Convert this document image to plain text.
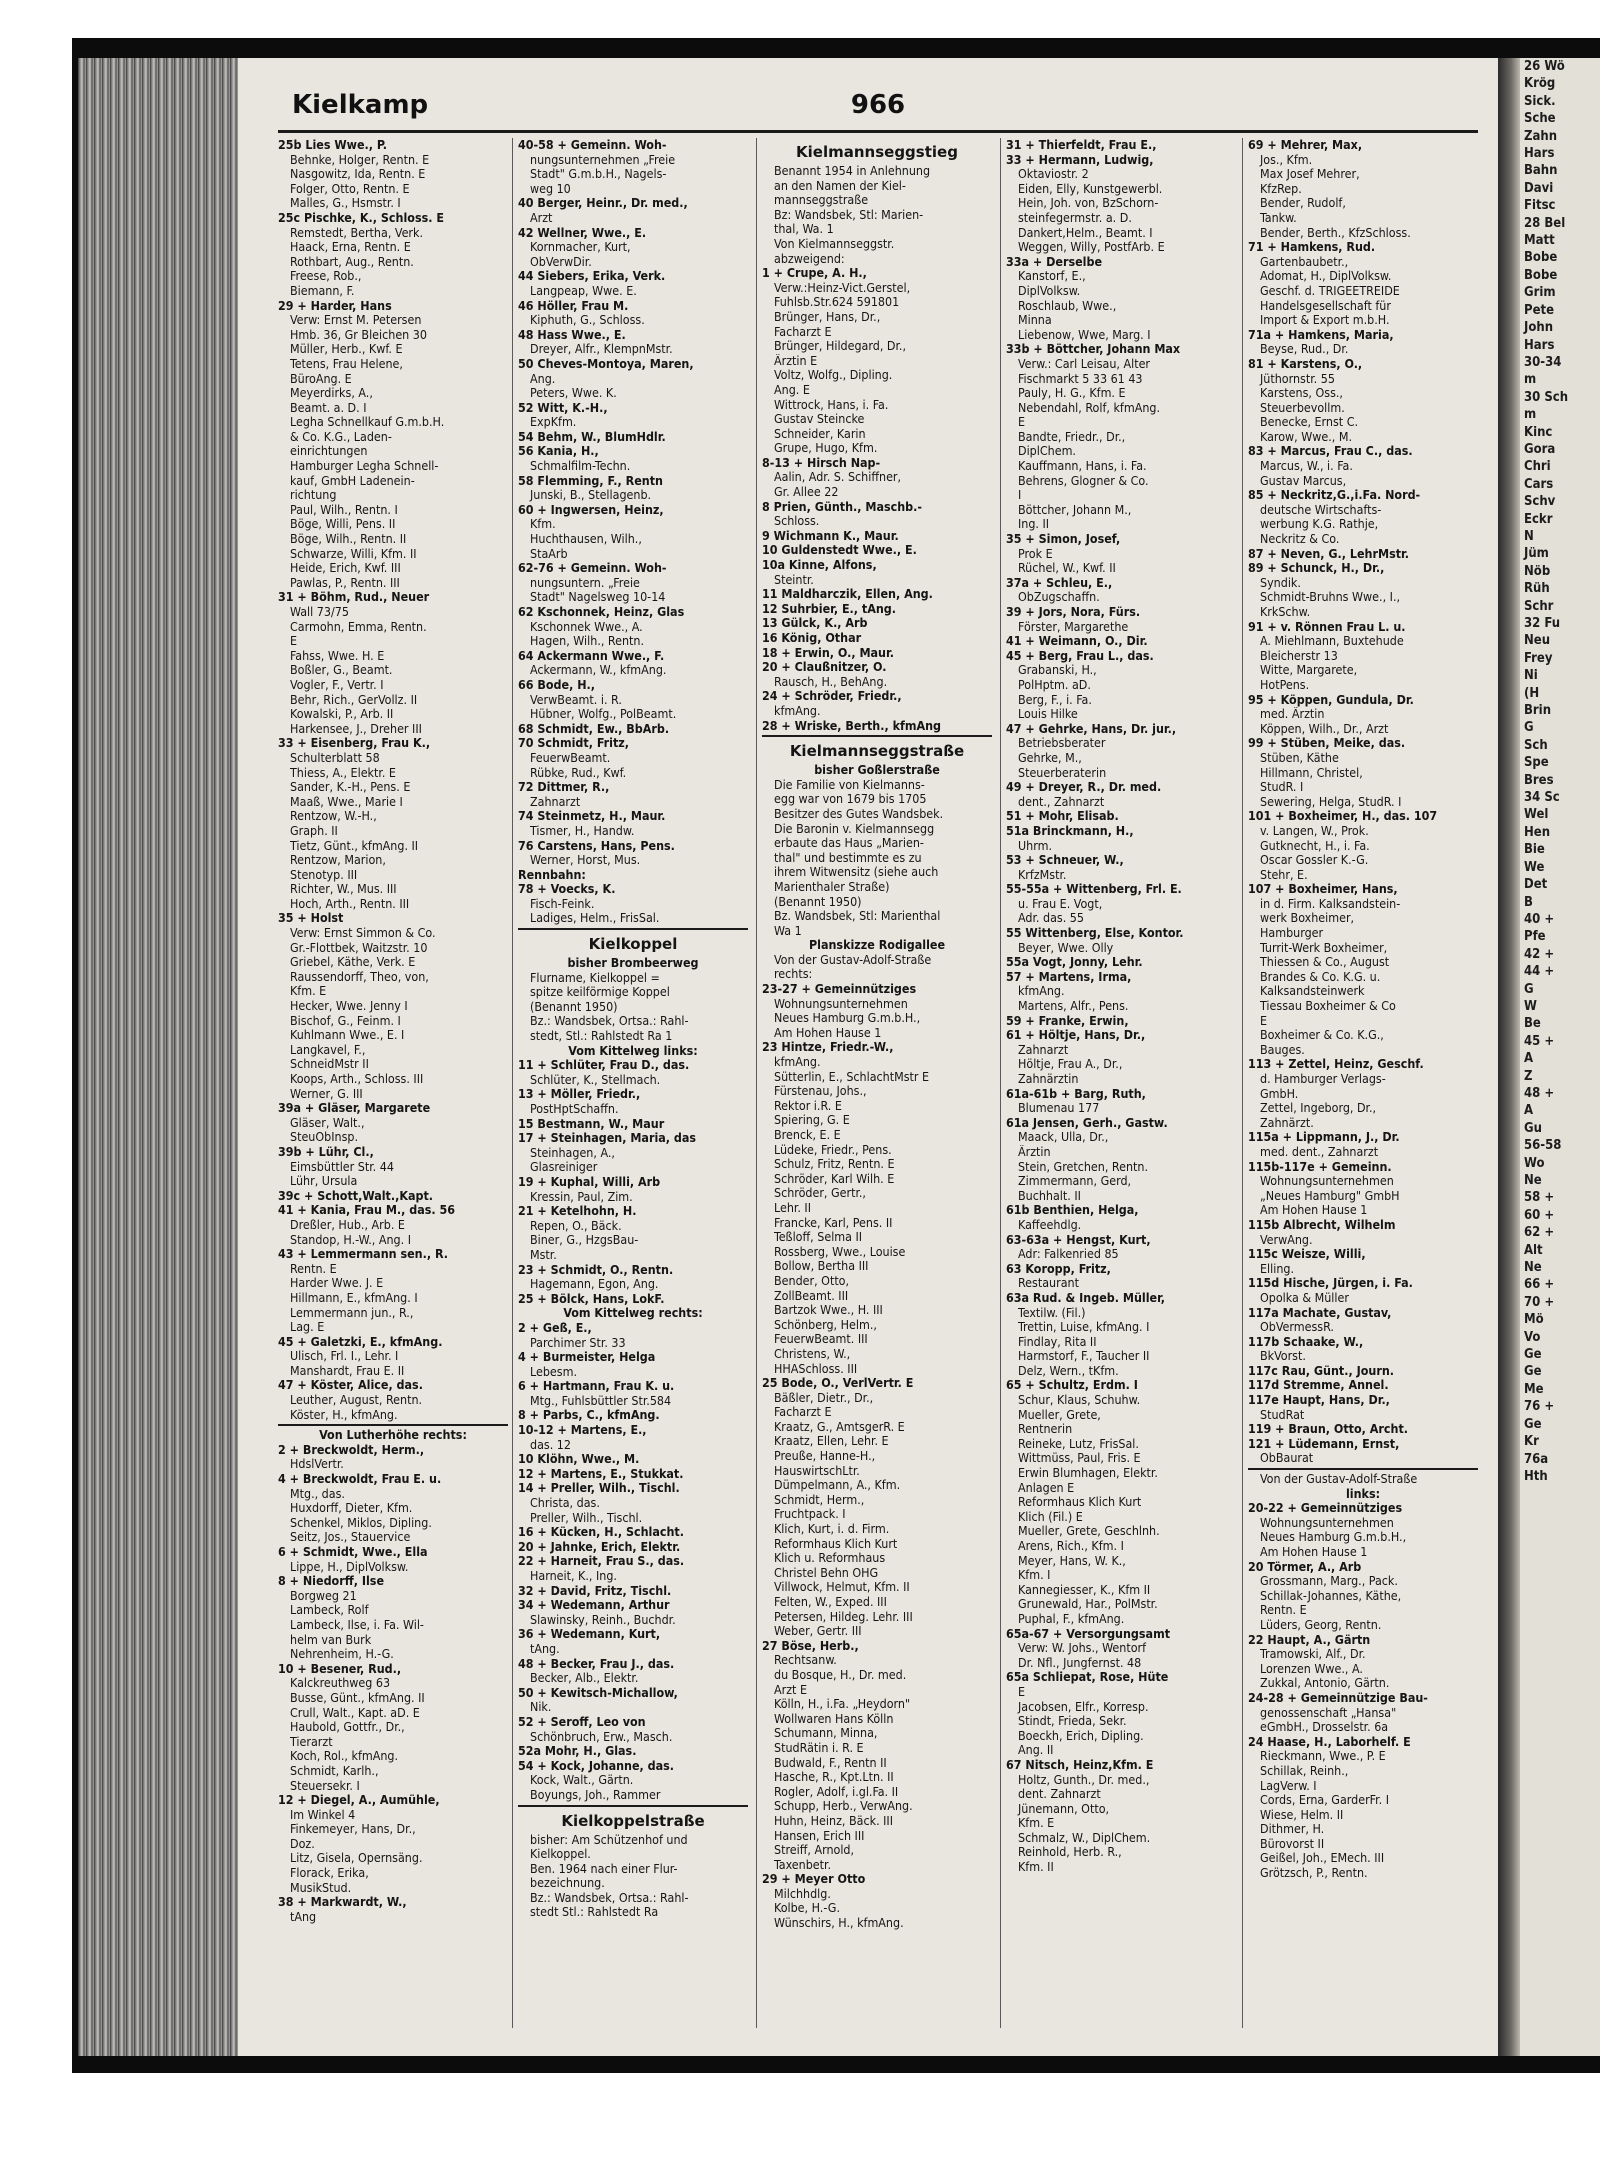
Kielkamp	966
25b Lies Wwe., P.
Behnke, Holger, Rentn. E
Nasgowitz, Ida, Rentn. E
Folger, Otto, Rentn. E
Malles, G., Hsmstr. I
25c Pischke, K., Schloss. E
Remstedt, Bertha, Verk.
Haack, Erna, Rentn. E
Rothbart, Aug., Rentn.
Freese, Rob.,
Biemann, F.
29 + Harder, Hans
Verw: Ernst M. Petersen
Hmb. 36, Gr Bleichen 30
Müller, Herb., Kwf. E
Tetens, Frau Helene,
BüroAng. E
Meyerdirks, A.,
Beamt. a. D. I
Legha Schnellkauf G.m.b.H.
& Co. K.G., Laden-
einrichtungen
Hamburger Legha Schnell-
kauf, GmbH Ladenein-
richtung
Paul, Wilh., Rentn. I
Böge, Willi, Pens. II
Böge, Wilh., Rentn. II
Schwarze, Willi, Kfm. II
Heide, Erich, Kwf. III
Pawlas, P., Rentn. III
31 + Böhm, Rud., Neuer
Wall 73/75
Carmohn, Emma, Rentn.
E
Fahss, Wwe. H. E
Boßler, G., Beamt.
Vogler, F., Vertr. I
Behr, Rich., GerVollz. II
Kowalski, P., Arb. II
Harkensee, J., Dreher III
33 + Eisenberg, Frau K.,
Schulterblatt 58
Thiess, A., Elektr. E
Sander, K.-H., Pens. E
Maaß, Wwe., Marie I
Rentzow, W.-H.,
Graph. II
Tietz, Günt., kfmAng. II
Rentzow, Marion,
Stenotyp. III
Richter, W., Mus. III
Hoch, Arth., Rentn. III
35 + Holst
Verw: Ernst Simmon & Co.
Gr.-Flottbek, Waitzstr. 10
Griebel, Käthe, Verk. E
Raussendorff, Theo, von,
Kfm. E
Hecker, Wwe. Jenny I
Bischof, G., Feinm. I
Kuhlmann Wwe., E. I
Langkavel, F.,
SchneidMstr II
Koops, Arth., Schloss. III
Werner, G. III
39a + Gläser, Margarete
Gläser, Walt.,
SteuObInsp.
39b + Lühr, Cl.,
Eimsbüttler Str. 44
Lühr, Ursula
39c + Schott,Walt.,Kapt.
41 + Kania, Frau M., das. 56
Dreßler, Hub., Arb. E
Standop, H.-W., Ang. I
43 + Lemmermann sen., R.
Rentn. E
Harder Wwe. J. E
Hillmann, E., kfmAng. I
Lemmermann jun., R.,
Lag. E
45 + Galetzki, E., kfmAng.
Ulisch, Frl. I., Lehr. I
Manshardt, Frau E. II
47 + Köster, Alice, das.
Leuther, August, Rentn.
Köster, H., kfmAng.
Von Lutherhöhe rechts:
2 + Breckwoldt, Herm.,
HdslVertr.
4 + Breckwoldt, Frau E. u.
Mtg., das.
Huxdorff, Dieter, Kfm.
Schenkel, Miklos, Dipling.
Seitz, Jos., Stauervice
6 + Schmidt, Wwe., Ella
Lippe, H., DiplVolksw.
8 + Niedorff, Ilse
Borgweg 21
Lambeck, Rolf
Lambeck, Ilse, i. Fa. Wil-
helm van Burk
Nehrenheim, H.-G.
10 + Besener, Rud.,
Kalckreuthweg 63
Busse, Günt., kfmAng. II
Crull, Walt., Kapt. aD. E
Haubold, Gottfr., Dr.,
Tierarzt
Koch, Rol., kfmAng.
Schmidt, Karlh.,
Steuersekr. I
12 + Diegel, A., Aumühle,
Im Winkel 4
Finkemeyer, Hans, Dr.,
Doz.
Litz, Gisela, Opernsäng.
Florack, Erika,
MusikStud.
38 + Markwardt, W.,
tAng
40-58 + Gemeinn. Woh-
nungsunternehmen „Freie
Stadt" G.m.b.H., Nagels-
weg 10
40 Berger, Heinr., Dr. med.,
Arzt
42 Wellner, Wwe., E.
Kornmacher, Kurt,
ObVerwDir.
44 Siebers, Erika, Verk.
Langpeap, Wwe. E.
46 Höller, Frau M.
Kiphuth, G., Schloss.
48 Hass Wwe., E.
Dreyer, Alfr., KlempnMstr.
50 Cheves-Montoya, Maren,
Ang.
Peters, Wwe. K.
52 Witt, K.-H.,
ExpKfm.
54 Behm, W., BlumHdlr.
56 Kania, H.,
Schmalfilm-Techn.
58 Flemming, F., Rentn
Junski, B., Stellagenb.
60 + Ingwersen, Heinz,
Kfm.
Huchthausen, Wilh.,
StaArb
62-76 + Gemeinn. Woh-
nungsuntern. „Freie
Stadt" Nagelsweg 10-14
62 Kschonnek, Heinz, Glas
Kschonnek Wwe., A.
Hagen, Wilh., Rentn.
64 Ackermann Wwe., F.
Ackermann, W., kfmAng.
66 Bode, H.,
VerwBeamt. i. R.
Hübner, Wolfg., PolBeamt.
68 Schmidt, Ew., BbArb.
70 Schmidt, Fritz,
FeuerwBeamt.
Rübke, Rud., Kwf.
72 Dittmer, R.,
Zahnarzt
74 Steinmetz, H., Maur.
Tismer, H., Handw.
76 Carstens, Hans, Pens.
Werner, Horst, Mus.
Rennbahn:
78 + Voecks, K.
Fisch-Feink.
Ladiges, Helm., FrisSal.
Kielkoppel
bisher Brombeerweg
Flurname, Kielkoppel =
spitze keilförmige Koppel
(Benannt 1950)
Bz.: Wandsbek, Ortsa.: Rahl-
stedt, Stl.: Rahlstedt Ra 1
Vom Kittelweg links:
11 + Schlüter, Frau D., das.
Schlüter, K., Stellmach.
13 + Möller, Friedr.,
PostHptSchaffn.
15 Bestmann, W., Maur
17 + Steinhagen, Maria, das
Steinhagen, A.,
Glasreiniger
19 + Kuphal, Willi, Arb
Kressin, Paul, Zim.
21 + Ketelhohn, H.
Repen, O., Bäck.
Biner, G., HzgsBau-
Mstr.
23 + Schmidt, O., Rentn.
Hagemann, Egon, Ang.
25 + Bölck, Hans, LokF.
Vom Kittelweg rechts:
2 + Geß, E.,
Parchimer Str. 33
4 + Burmeister, Helga
Lebesm.
6 + Hartmann, Frau K. u.
Mtg., Fuhlsbüttler Str.584
8 + Parbs, C., kfmAng.
10-12 + Martens, E.,
das. 12
10 Klöhn, Wwe., M.
12 + Martens, E., Stukkat.
14 + Preller, Wilh., Tischl.
Christa, das.
Preller, Wilh., Tischl.
16 + Kücken, H., Schlacht.
20 + Jahnke, Erich, Elektr.
22 + Harneit, Frau S., das.
Harneit, K., Ing.
32 + David, Fritz, Tischl.
34 + Wedemann, Arthur
Slawinsky, Reinh., Buchdr.
36 + Wedemann, Kurt,
tAng.
48 + Becker, Frau J., das.
Becker, Alb., Elektr.
50 + Kewitsch-Michallow,
Nik.
52 + Seroff, Leo von
Schönbruch, Erw., Masch.
52a Mohr, H., Glas.
54 + Kock, Johanne, das.
Kock, Walt., Gärtn.
Boyungs, Joh., Rammer
Kielkoppelstraße
bisher: Am Schützenhof und
Kielkoppel.
Ben. 1964 nach einer Flur-
bezeichnung.
Bz.: Wandsbek, Ortsa.: Rahl-
stedt Stl.: Rahlstedt Ra
Kielmannseggstieg
Benannt 1954 in Anlehnung
an den Namen der Kiel-
mannseggstraße
Bz: Wandsbek, Stl: Marien-
thal, Wa. 1
Von Kielmannseggstr.
abzweigend:
1 + Crupe, A. H.,
Verw.:Heinz-Vict.Gerstel,
Fuhlsb.Str.624 591801
Brünger, Hans, Dr.,
Facharzt E
Brünger, Hildegard, Dr.,
Ärztin E
Voltz, Wolfg., Dipling.
Ang. E
Wittrock, Hans, i. Fa.
Gustav Steincke
Schneider, Karin
Grupe, Hugo, Kfm.
8-13 + Hirsch Nap-
Aalin, Adr. S. Schiffner,
Gr. Allee 22
8 Prien, Günth., Maschb.-
Schloss.
9 Wichmann K., Maur.
10 Guldenstedt Wwe., E.
10a Kinne, Alfons,
Steintr.
11 Maldharczik, Ellen, Ang.
12 Suhrbier, E., tAng.
13 Gülck, K., Arb
16 König, Othar
18 + Erwin, O., Maur.
20 + Claußnitzer, O.
Rausch, H., BehAng.
24 + Schröder, Friedr.,
kfmAng.
28 + Wriske, Berth., kfmAng
Kielmannseggstraße
bisher Goßlerstraße
Die Familie von Kielmanns-
egg war von 1679 bis 1705
Besitzer des Gutes Wandsbek.
Die Baronin v. Kielmannsegg
erbaute das Haus „Marien-
thal" und bestimmte es zu
ihrem Witwensitz (siehe auch
Marienthaler Straße)
(Benannt 1950)
Bz. Wandsbek, Stl: Marienthal
Wa 1
Planskizze Rodigallee
Von der Gustav-Adolf-Straße
rechts:
23-27 + Gemeinnütziges
Wohnungsunternehmen
Neues Hamburg G.m.b.H.,
Am Hohen Hause 1
23 Hintze, Friedr.-W.,
kfmAng.
Sütterlin, E., SchlachtMstr E
Fürstenau, Johs.,
Rektor i.R. E
Spiering, G. E
Brenck, E. E
Lüdeke, Friedr., Pens.
Schulz, Fritz, Rentn. E
Schröder, Karl Wilh. E
Schröder, Gertr.,
Lehr. II
Francke, Karl, Pens. II
Teßloff, Selma II
Rossberg, Wwe., Louise
Bollow, Bertha III
Bender, Otto,
ZollBeamt. III
Bartzok Wwe., H. III
Schönberg, Helm.,
FeuerwBeamt. III
Christens, W.,
HHASchloss. III
25 Bode, O., VerlVertr. E
Bäßler, Dietr., Dr.,
Facharzt E
Kraatz, G., AmtsgerR. E
Kraatz, Ellen, Lehr. E
Preuße, Hanne-H.,
HauswirtschLtr.
Dümpelmann, A., Kfm.
Schmidt, Herm.,
Fruchtpack. I
Klich, Kurt, i. d. Firm.
Reformhaus Klich Kurt
Klich u. Reformhaus
Christel Behn OHG
Villwock, Helmut, Kfm. II
Felten, W., Exped. III
Petersen, Hildeg. Lehr. III
Weber, Gertr. III
27 Böse, Herb.,
Rechtsanw.
du Bosque, H., Dr. med.
Arzt E
Kölln, H., i.Fa. „Heydorn"
Wollwaren Hans Kölln
Schumann, Minna,
StudRätin i. R. E
Budwald, F., Rentn II
Hasche, R., Kpt.Ltn. II
Rogler, Adolf, i.gl.Fa. II
Schupp, Herb., VerwAng.
Huhn, Heinz, Bäck. III
Hansen, Erich III
Streiff, Arnold,
Taxenbetr.
29 + Meyer Otto
Milchhdlg.
Kolbe, H.-G.
Wünschirs, H., kfmAng.
31 + Thierfeldt, Frau E.,
33 + Hermann, Ludwig,
Oktaviostr. 2
Eiden, Elly, Kunstgewerbl.
Hein, Joh. von, BzSchorn-
steinfegermstr. a. D.
Dankert,Helm., Beamt. I
Weggen, Willy, PostfArb. E
33a + Derselbe
Kanstorf, E.,
DiplVolksw.
Roschlaub, Wwe.,
Minna
Liebenow, Wwe, Marg. I
33b + Böttcher, Johann Max
Verw.: Carl Leisau, Alter
Fischmarkt 5 33 61 43
Pauly, H. G., Kfm. E
Nebendahl, Rolf, kfmAng.
E
Bandte, Friedr., Dr.,
DiplChem.
Kauffmann, Hans, i. Fa.
Behrens, Glogner & Co.
I
Böttcher, Johann M.,
Ing. II
35 + Simon, Josef,
Prok E
Rüchel, W., Kwf. II
37a + Schleu, E.,
ObZugschaffn.
39 + Jors, Nora, Fürs.
Förster, Margarethe
41 + Weimann, O., Dir.
45 + Berg, Frau L., das.
Grabanski, H.,
PolHptm. aD.
Berg, F., i. Fa.
Louis Hilke
47 + Gehrke, Hans, Dr. jur.,
Betriebsberater
Gehrke, M.,
Steuerberaterin
49 + Dreyer, R., Dr. med.
dent., Zahnarzt
51 + Mohr, Elisab.
51a Brinckmann, H.,
Uhrm.
53 + Schneuer, W.,
KrfzMstr.
55-55a + Wittenberg, Frl. E.
u. Frau E. Vogt,
Adr. das. 55
55 Wittenberg, Else, Kontor.
Beyer, Wwe. Olly
55a Vogt, Jonny, Lehr.
57 + Martens, Irma,
kfmAng.
Martens, Alfr., Pens.
59 + Franke, Erwin,
61 + Höltje, Hans, Dr.,
Zahnarzt
Höltje, Frau A., Dr.,
Zahnärztin
61a-61b + Barg, Ruth,
Blumenau 177
61a Jensen, Gerh., Gastw.
Maack, Ulla, Dr.,
Ärztin
Stein, Gretchen, Rentn.
Zimmermann, Gerd,
Buchhalt. II
61b Benthien, Helga,
Kaffeehdlg.
63-63a + Hengst, Kurt,
Adr: Falkenried 85
63 Koropp, Fritz,
Restaurant
63a Rud. & Ingeb. Müller,
Textilw. (Fil.)
Trettin, Luise, kfmAng. I
Findlay, Rita II
Harmstorf, F., Taucher II
Delz, Wern., tKfm.
65 + Schultz, Erdm. I
Schur, Klaus, Schuhw.
Mueller, Grete,
Rentnerin
Reineke, Lutz, FrisSal.
Wittmüss, Paul, Fris. E
Erwin Blumhagen, Elektr.
Anlagen E
Reformhaus Klich Kurt
Klich (Fil.) E
Mueller, Grete, Geschlnh.
Arens, Rich., Kfm. I
Meyer, Hans, W. K.,
Kfm. I
Kannegiesser, K., Kfm II
Grunewald, Har., PolMstr.
Puphal, F., kfmAng.
65a-67 + Versorgungsamt
Verw: W. Johs., Wentorf
Dr. Nfl., Jungfernst. 48
65a Schliepat, Rose, Hüte
E
Jacobsen, Elfr., Korresp.
Stindt, Frieda, Sekr.
Boeckh, Erich, Dipling.
Ang. II
67 Nitsch, Heinz,Kfm. E
Holtz, Gunth., Dr. med.,
dent. Zahnarzt
Jünemann, Otto,
Kfm. E
Schmalz, W., DiplChem.
Reinhold, Herb. R.,
Kfm. II
69 + Mehrer, Max,
Jos., Kfm.
Max Josef Mehrer,
KfzRep.
Bender, Rudolf,
Tankw.
Bender, Berth., KfzSchloss.
71 + Hamkens, Rud.
Gartenbaubetr.,
Adomat, H., DiplVolksw.
Geschf. d. TRIGEETREIDE
Handelsgesellschaft für
Import & Export m.b.H.
71a + Hamkens, Maria,
Beyse, Rud., Dr.
81 + Karstens, O.,
Jüthornstr. 55
Karstens, Oss.,
Steuerbevollm.
Benecke, Ernst C.
Karow, Wwe., M.
83 + Marcus, Frau C., das.
Marcus, W., i. Fa.
Gustav Marcus,
85 + Neckritz,G.,i.Fa. Nord-
deutsche Wirtschafts-
werbung K.G. Rathje,
Neckritz & Co.
87 + Neven, G., LehrMstr.
89 + Schunck, H., Dr.,
Syndik.
Schmidt-Bruhns Wwe., I.,
KrkSchw.
91 + v. Rönnen Frau L. u.
A. Miehlmann, Buxtehude
Bleicherstr 13
Witte, Margarete,
HotPens.
95 + Köppen, Gundula, Dr.
med. Ärztin
Köppen, Wilh., Dr., Arzt
99 + Stüben, Meike, das.
Stüben, Käthe
Hillmann, Christel,
StudR. I
Sewering, Helga, StudR. I
101 + Boxheimer, H., das. 107
v. Langen, W., Prok.
Gutknecht, H., i. Fa.
Oscar Gossler K.-G.
Stehr, E.
107 + Boxheimer, Hans,
in d. Firm. Kalksandstein-
werk Boxheimer,
Hamburger
Turrit-Werk Boxheimer,
Thiessen & Co., August
Brandes & Co. K.G. u.
Kalksandsteinwerk
Tiessau Boxheimer & Co
E
Boxheimer & Co. K.G.,
Bauges.
113 + Zettel, Heinz, Geschf.
d. Hamburger Verlags-
GmbH.
Zettel, Ingeborg, Dr.,
Zahnärzt.
115a + Lippmann, J., Dr.
med. dent., Zahnarzt
115b-117e + Gemeinn.
Wohnungsunternehmen
„Neues Hamburg" GmbH
Am Hohen Hause 1
115b Albrecht, Wilhelm
VerwAng.
115c Weisze, Willi,
Elling.
115d Hische, Jürgen, i. Fa.
Opolka & Müller
117a Machate, Gustav,
ObVermessR.
117b Schaake, W.,
BkVorst.
117c Rau, Günt., Journ.
117d Stremme, Annel.
117e Haupt, Hans, Dr.,
StudRat
119 + Braun, Otto, Archt.
121 + Lüdemann, Ernst,
ObBaurat
Von der Gustav-Adolf-Straße
links:
20-22 + Gemeinnütziges
Wohnungsunternehmen
Neues Hamburg G.m.b.H.,
Am Hohen Hause 1
20 Törmer, A., Arb
Grossmann, Marg., Pack.
Schillak-Johannes, Käthe,
Rentn. E
Lüders, Georg, Rentn.
22 Haupt, A., Gärtn
Tramowski, Alf., Dr.
Lorenzen Wwe., A.
Zukkal, Antonio, Gärtn.
24-28 + Gemeinnützige Bau-
genossenschaft „Hansa"
eGmbH., Drosselstr. 6a
24 Haase, H., Laborhelf. E
Rieckmann, Wwe., P. E
Schillak, Reinh.,
LagVerw. I
Cords, Erna, GarderFr. I
Wiese, Helm. II
Dithmer, H.
Bürovorst II
Geißel, Joh., EMech. III
Grötzsch, P., Rentn.
26 Wö
Krög
Sick.
Sche
Zahn
Hars
Bahn
Davi
Fitsc
28 Bel
Matt
Bobe
Bobe
Grim
Pete
John
Hars
30-34
m
30 Sch
m
Kinc
Gora
Chri
Cars
Schv
Eckr
N
Jüm
Nöb
Rüh
Schr
32 Fu
Neu
Frey
Ni
(H
Brin
G
Sch
Spe
Bres
34 Sc
Wel
Hen
Bie
We
Det
B
40 +
Pfe
42 +
44 +
G
W
Be
45 +
A
Z
48 +
A
Gu
56-58
Wo
Ne
58 +
60 +
62 +
Alt
Ne
66 +
70 +
Mö
Vo
Ge
Ge
Me
76 +
Ge
Kr
76a
Hth
